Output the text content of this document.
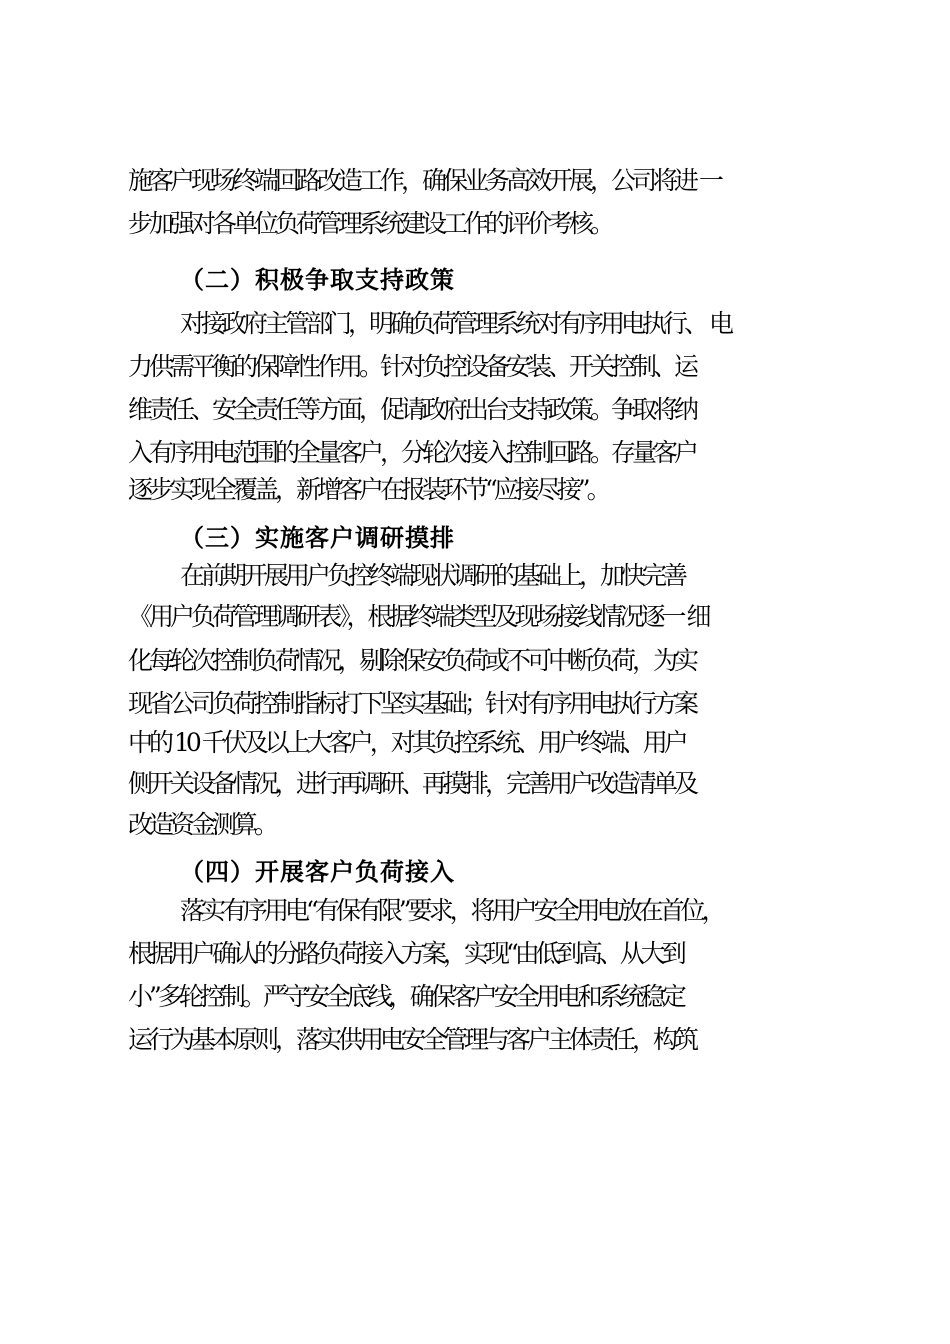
施客户现场终端回路改造工作，确保业务高效开展，公司将进 一
步加强对各单位负荷管理系统建设工作的评价考核。
（二）积极争取支持政策
对接政府主管部门，明确负荷管理系统对有序用电执行、 电
力供需平衡的保障性作用。针对负控设备安装、开关控制、运
维责任、安全责任等方面，促请政府出台支持政策。争取将纳
入有序用电范围的全量客户，分轮次接入控制回路。存量客户
逐步实现全覆盖，新增客户在报装环节“应接尽接”。
（三）实施客户调研摸排
在前期开展用户负控终端现状调研的基础上，加快完善
《用户负荷管理调研表》，根据终端类型及现场接线情况逐一 细
化每轮次控制负荷情况，剔除保安负荷或不可中断负荷，为实
现省公司负荷控制指标打下坚实基础；针对有序用电执行方案
中的 10 千伏及以上大客户，对其负控系统、用户终端、用户
侧开关设备情况，进行再调研、再摸排，完善用户改造清单及
改造资金测算。
（四）开展客户负荷接入
落实有序用电“有保有限”要求，将用户安全用电放在首位，
根据用户确认的分路负荷接入方案，实现“由低到高、从大到
小”多轮控制。严守安全底线，确保客户安全用电和系统稳定
运行为基本原则，落实供用电安全管理与客户主体责任，构筑
